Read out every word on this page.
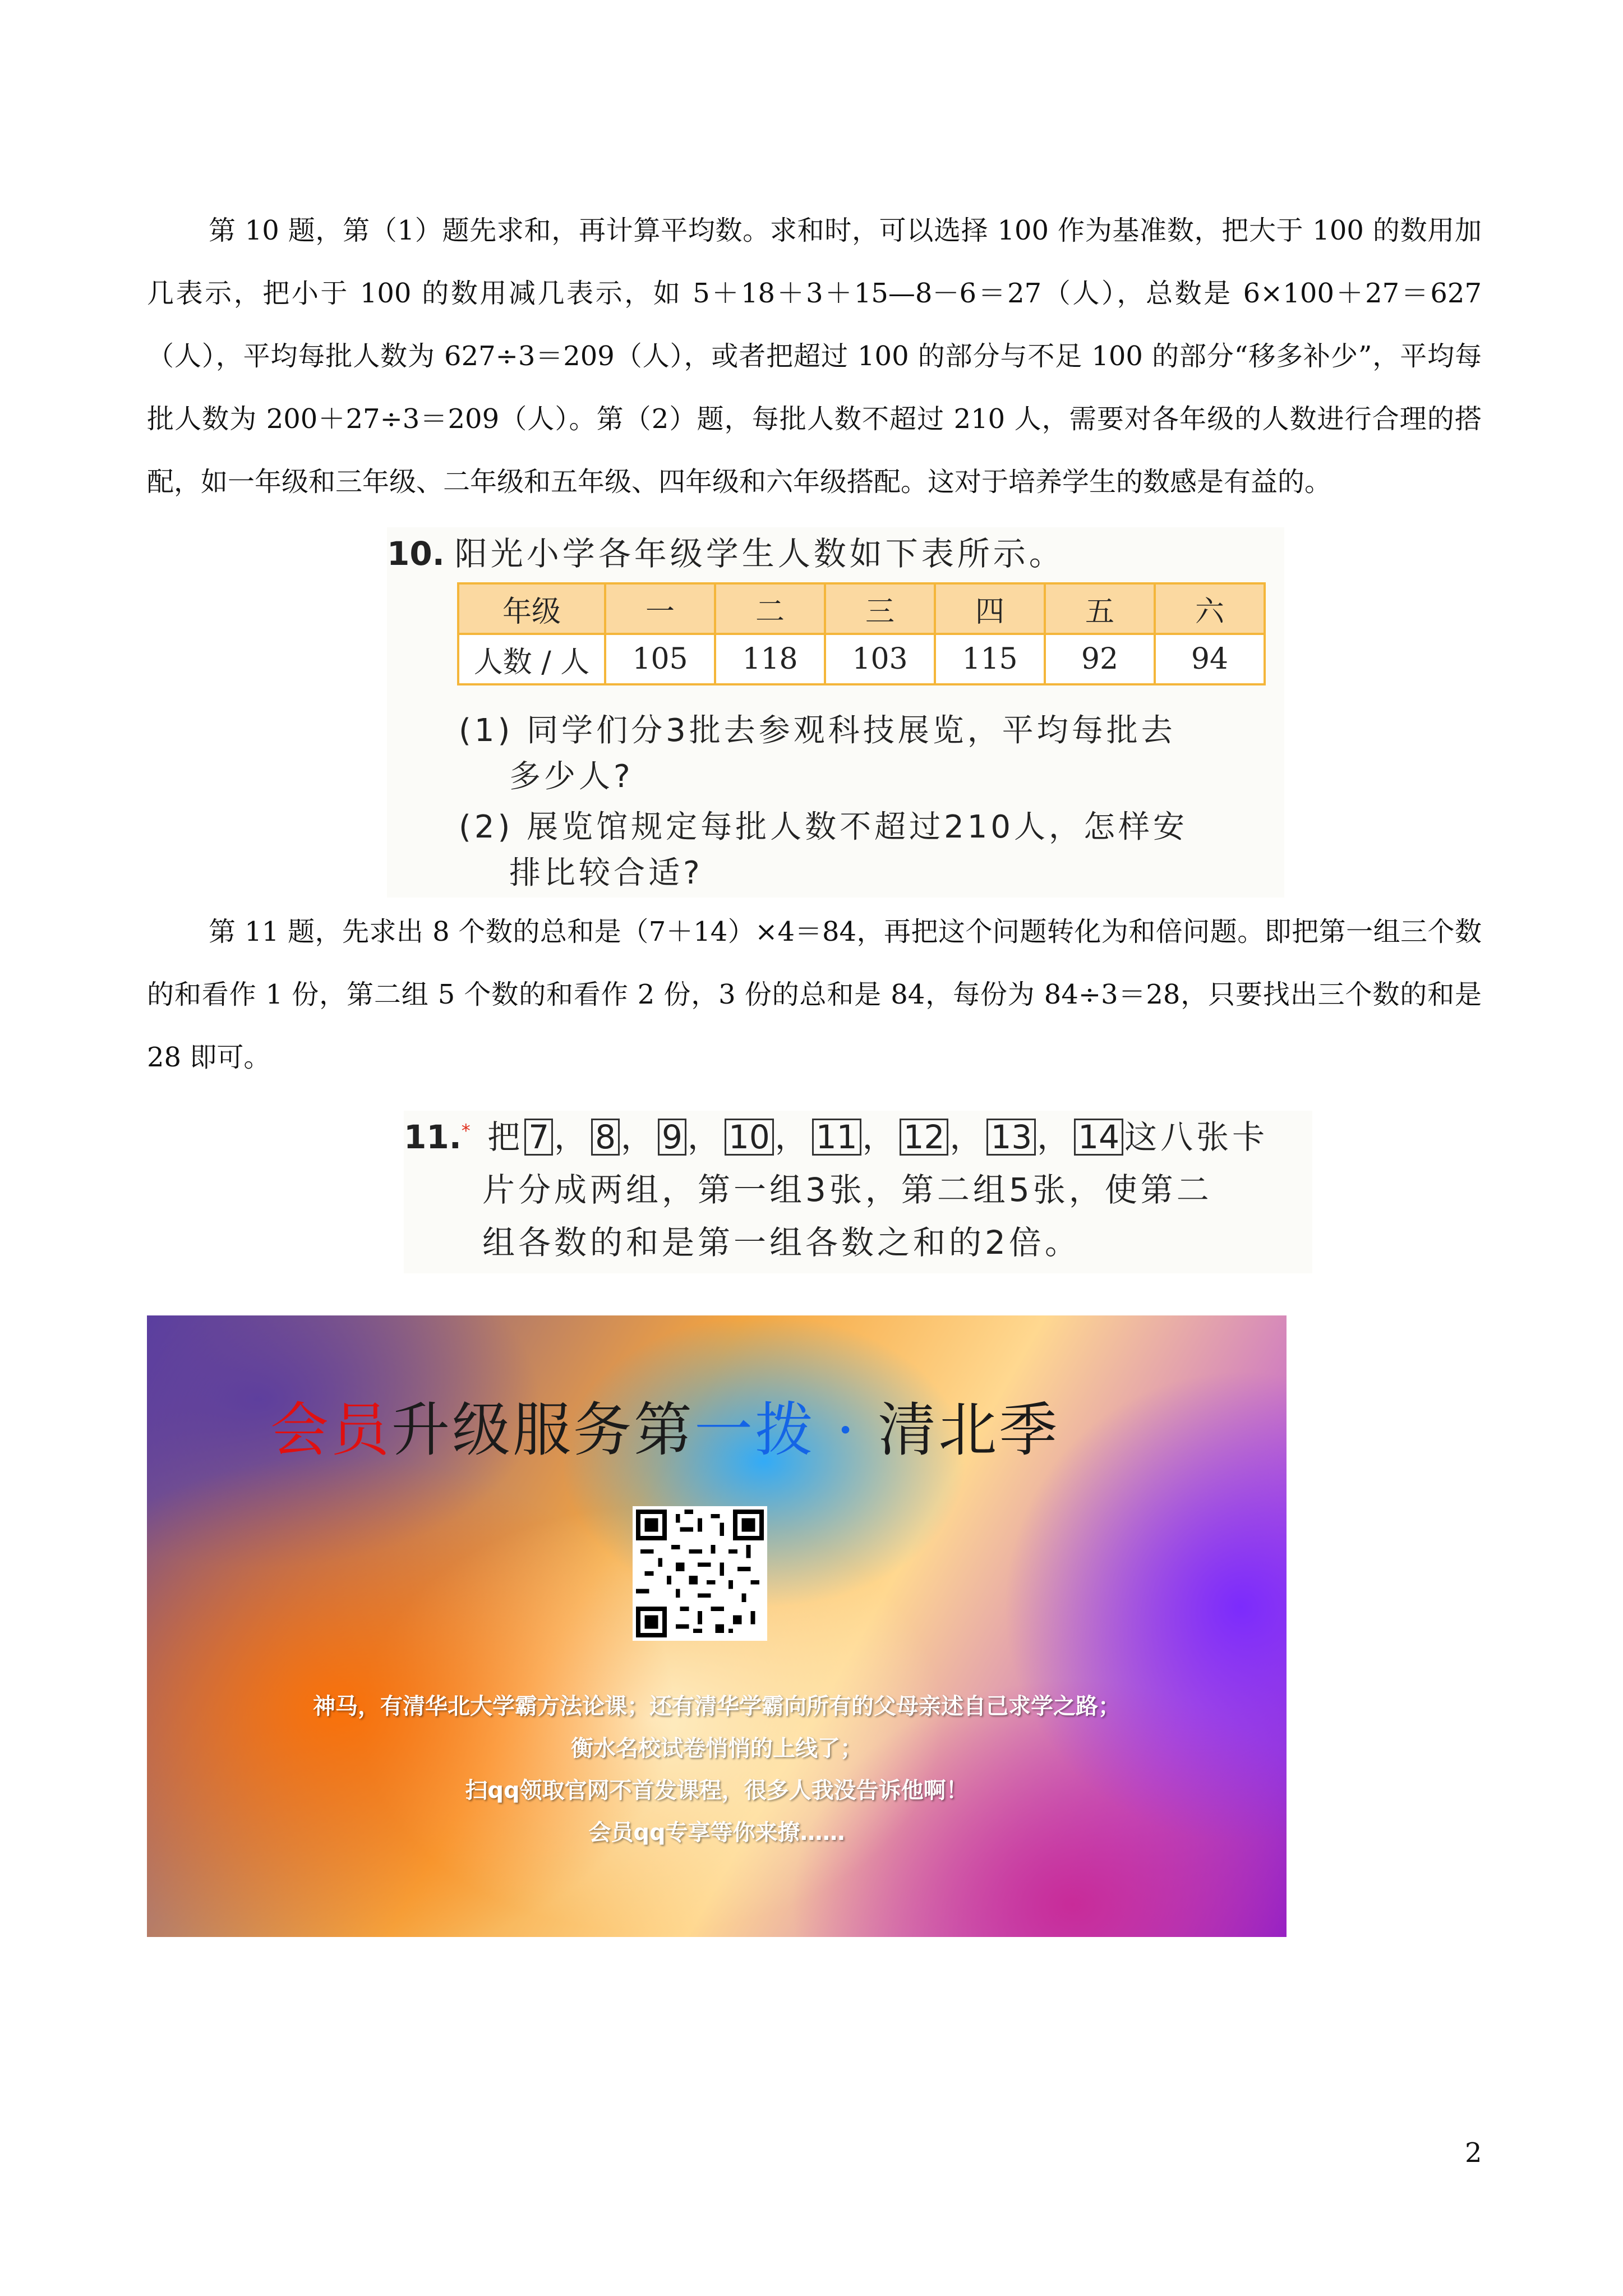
第 10 题，第（1）题先求和，再计算平均数。求和时，可以选择 100 作为基准数，把大于 100 的数用加几表示，把小于 100 的数用减几表示，如 5＋18＋3＋15—8－6＝27（人），总数是 6×100＋27＝627（人），平均每批人数为 627÷3＝209（人），或者把超过 100 的部分与不足 100 的部分“移多补少”，平均每批人数为 200＋27÷3＝209（人）。第（2）题，每批人数不超过 210 人，需要对各年级的人数进行合理的搭配，如一年级和三年级、二年级和五年级、四年级和六年级搭配。这对于培养学生的数感是有益的。

10. 阳光小学各年级学生人数如下表所示。
年级	一	二	三	四	五	六
人数 / 人	105	118	103	115	92	94
(1) 同学们分3批去参观科技展览，平均每批去
多少人?
(2) 展览馆规定每批人数不超过210人，怎样安
排比较合适?

第 11 题，先求出 8 个数的总和是（7＋14）×4＝84，再把这个问题转化为和倍问题。即把第一组三个数的和看作 1 份，第二组 5 个数的和看作 2 份，3 份的总和是 84，每份为 84÷3＝28，只要找出三个数的和是 28 即可。

11.* 把 7 ， 8 ， 9 ， 10 ， 11 ， 12 ， 13 ， 14 这八张卡
片分成两组，第一组3张，第二组5张，使第二
组各数的和是第一组各数之和的2倍。
会员升级服务第一拨 · 清北季
神马，有清华北大学霸方法论课；还有清华学霸向所有的父母亲述自己求学之路；
衡水名校试卷悄悄的上线了；
扫qq领取官网不首发课程，很多人我没告诉他啊！
会员qq专享等你来撩……
2
